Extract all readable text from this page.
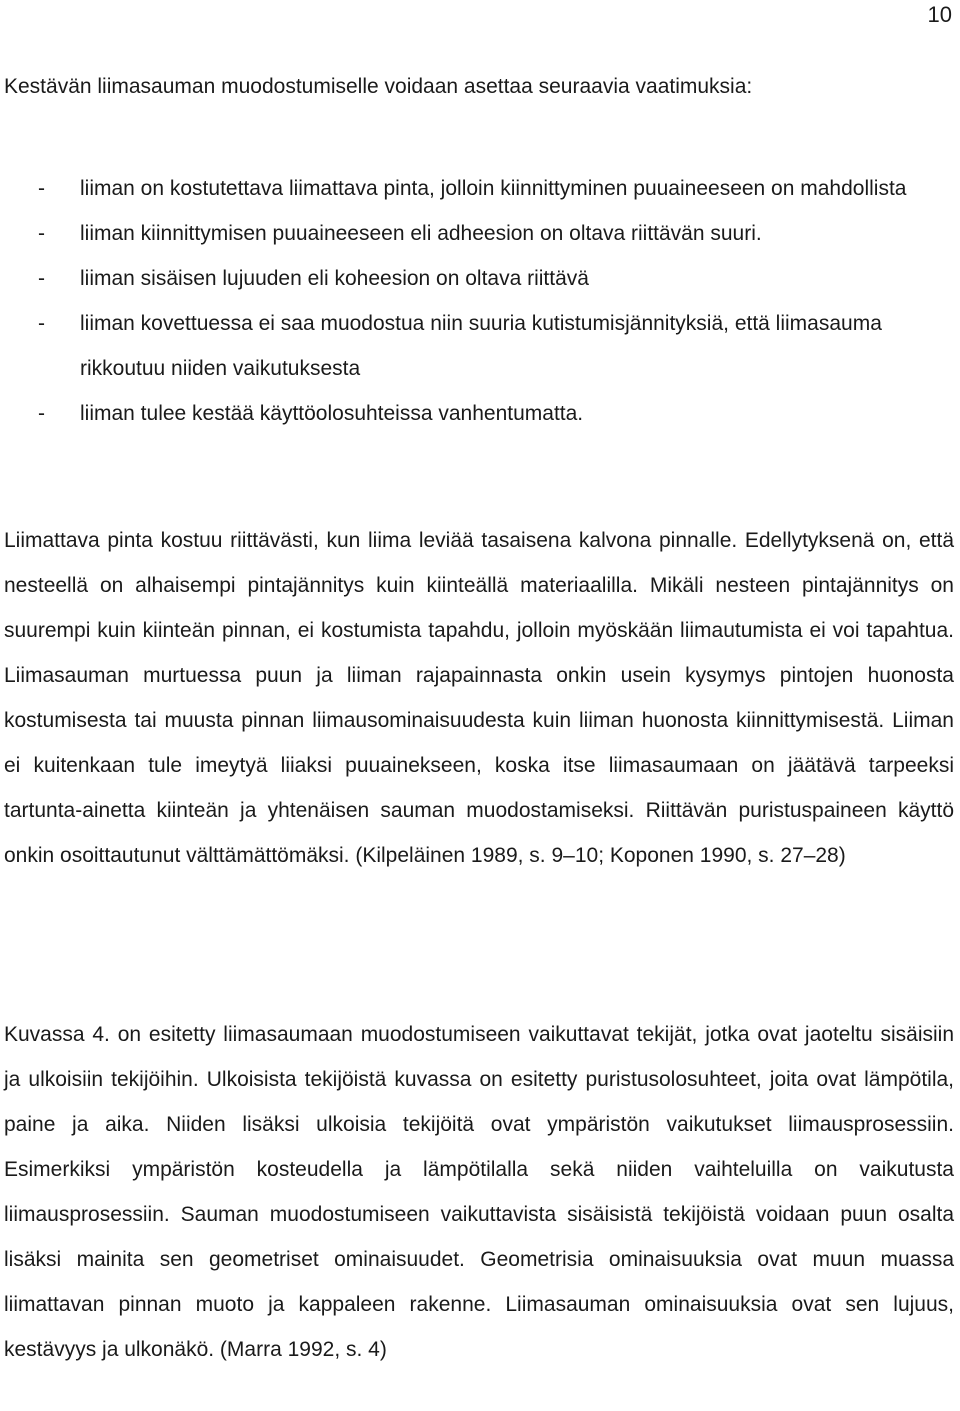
10

Kestävän liimasauman muodostumiselle voidaan asettaa seuraavia vaatimuksia:

-	liiman on kostutettava liimattava pinta, jolloin kiinnittyminen puuaineeseen on mahdollista
-	liiman kiinnittymisen puuaineeseen eli adheesion on oltava riittävän suuri.
-	liiman sisäisen lujuuden eli koheesion on oltava riittävä
-	liiman kovettuessa ei saa muodostua niin suuria kutistumisjännityksiä, että liimasauma rikkoutuu niiden vaikutuksesta
-	liiman tulee kestää käyttöolosuhteissa vanhentumatta.

Liimattava pinta kostuu riittävästi, kun liima leviää tasaisena kalvona pinnalle. Edellytyksenä on, että nesteellä on alhaisempi pintajännitys kuin kiinteällä materiaalilla. Mikäli nesteen pintajännitys on suurempi kuin kiinteän pinnan, ei kostumista tapahdu, jolloin myöskään liimautumista ei voi tapahtua. Liimasauman murtuessa puun ja liiman rajapainnasta onkin usein kysymys pintojen huonosta kostumisesta tai muusta pinnan liimausominaisuudesta kuin liiman huonosta kiinnittymisestä. Liiman ei kuitenkaan tule imeytyä liiaksi puuainekseen, koska itse liimasaumaan on jäätävä tarpeeksi tartunta-ainetta kiinteän ja yhtenäisen sauman muodostamiseksi. Riittävän puristuspaineen käyttö onkin osoittautunut välttämättömäksi. (Kilpeläinen 1989, s. 9–10; Koponen 1990, s. 27–28)

Kuvassa 4. on esitetty liimasaumaan muodostumiseen vaikuttavat tekijät, jotka ovat jaoteltu sisäisiin ja ulkoisiin tekijöihin. Ulkoisista tekijöistä kuvassa on esitetty puristusolosuhteet, joita ovat lämpötila, paine ja aika. Niiden lisäksi ulkoisia tekijöitä ovat ympäristön vaikutukset liimausprosessiin. Esimerkiksi ympäristön kosteudella ja lämpötilalla sekä niiden vaihteluilla on vaikutusta liimausprosessiin. Sauman muodostumiseen vaikuttavista sisäisistä tekijöistä voidaan puun osalta lisäksi mainita sen geometriset ominaisuudet. Geometrisia ominaisuuksia ovat muun muassa liimattavan pinnan muoto ja kappaleen rakenne. Liimasauman ominaisuuksia ovat sen lujuus, kestävyys ja ulkonäkö. (Marra 1992, s. 4)
